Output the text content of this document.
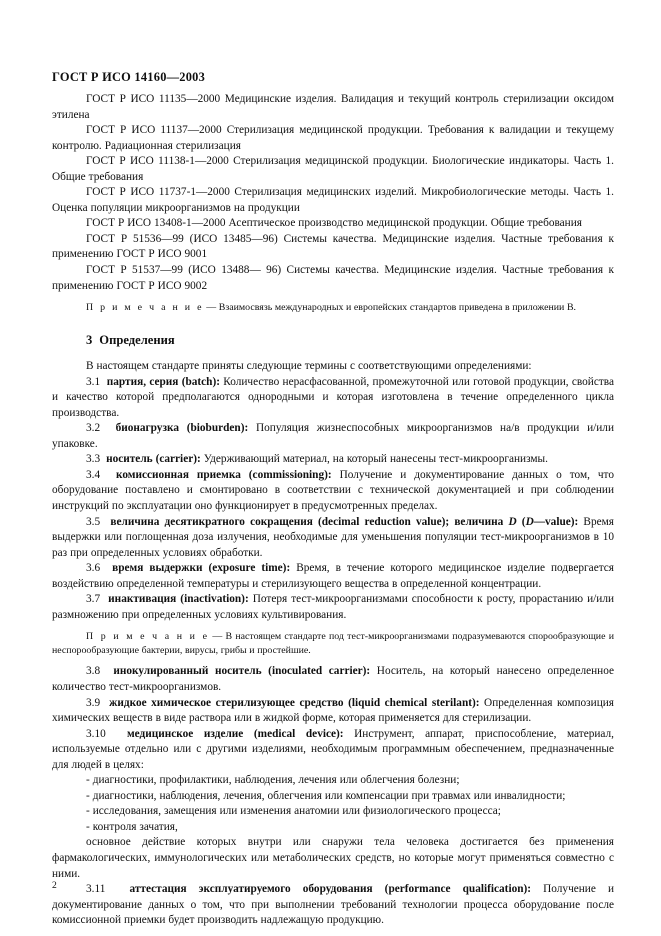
ГОСТ Р ИСО 14160—2003

ГОСТ Р ИСО 11135—2000 Медицинские изделия. Валидация и текущий контроль стерилизации оксидом этилена

ГОСТ Р ИСО 11137—2000 Стерилизация медицинской продукции. Требования к валидации и текущему контролю. Радиационная стерилизация

ГОСТ Р ИСО 11138-1—2000 Стерилизация медицинской продукции. Биологические индикаторы. Часть 1. Общие требования

ГОСТ Р ИСО 11737-1—2000 Стерилизация медицинских изделий. Микробиологические методы. Часть 1. Оценка популяции микроорганизмов на продукции

ГОСТ Р ИСО 13408-1—2000 Асептическое производство медицинской продукции. Общие требования

ГОСТ Р 51536—99 (ИСО 13485—96) Системы качества. Медицинские изделия. Частные требования к применению ГОСТ Р ИСО 9001

ГОСТ Р 51537—99 (ИСО 13488— 96) Системы качества. Медицинские изделия. Частные требования к применению ГОСТ Р ИСО 9002

П р и м е ч а н и е — Взаимосвязь международных и европейских стандартов приведена в приложении В.

3 Определения

В настоящем стандарте приняты следующие термины с соответствующими определениями:

3.1 партия, серия (batch): Количество нерасфасованной, промежуточной или готовой продукции, свойства и качество которой предполагаются однородными и которая изготовлена в течение определенного цикла производства.

3.2 бионагрузка (bioburden): Популяция жизнеспособных микроорганизмов на/в продукции и/или упаковке.

3.3 носитель (carrier): Удерживающий материал, на который нанесены тест-микроорганизмы.

3.4 комиссионная приемка (commissioning): Получение и документирование данных о том, что оборудование поставлено и смонтировано в соответствии с технической документацией и при соблюдении инструкций по эксплуатации оно функционирует в предусмотренных пределах.

3.5 величина десятикратного сокращения (decimal reduction value); величина D (D—value): Время выдержки или поглощенная доза излучения, необходимые для уменьшения популяции тест-микроорганизмов в 10 раз при определенных условиях обработки.

3.6 время выдержки (exposure time): Время, в течение которого медицинское изделие подвергается воздействию определенной температуры и стерилизующего вещества в определенной концентрации.

3.7 инактивация (inactivation): Потеря тест-микроорганизмами способности к росту, прорастанию и/или размножению при определенных условиях культивирования.

П р и м е ч а н и е — В настоящем стандарте под тест-микроорганизмами подразумеваются спорообразующие и неспорообразующие бактерии, вирусы, грибы и простейшие.

3.8 инокулированный носитель (inoculated carrier): Носитель, на который нанесено определенное количество тест-микроорганизмов.

3.9 жидкое химическое стерилизующее средство (liquid chemical sterilant): Определенная композиция химических веществ в виде раствора или в жидкой форме, которая применяется для стерилизации.

3.10 медицинское изделие (medical device): Инструмент, аппарат, приспособление, материал, используемые отдельно или с другими изделиями, необходимым программным обеспечением, предназначенные для людей в целях:

- диагностики, профилактики, наблюдения, лечения или облегчения болезни;

- диагностики, наблюдения, лечения, облегчения или компенсации при травмах или инвалидности;

- исследования, замещения или изменения анатомии или физиологического процесса;

- контроля зачатия,

основное действие которых внутри или снаружи тела человека достигается без применения фармакологических, иммунологических или метаболических средств, но которые могут применяться совместно с ними.

3.11 аттестация эксплуатируемого оборудования (performance qualification): Получение и документирование данных о том, что при выполнении требований технологии процесса оборудование после комиссионной приемки будет производить надлежащую продукцию.

2
